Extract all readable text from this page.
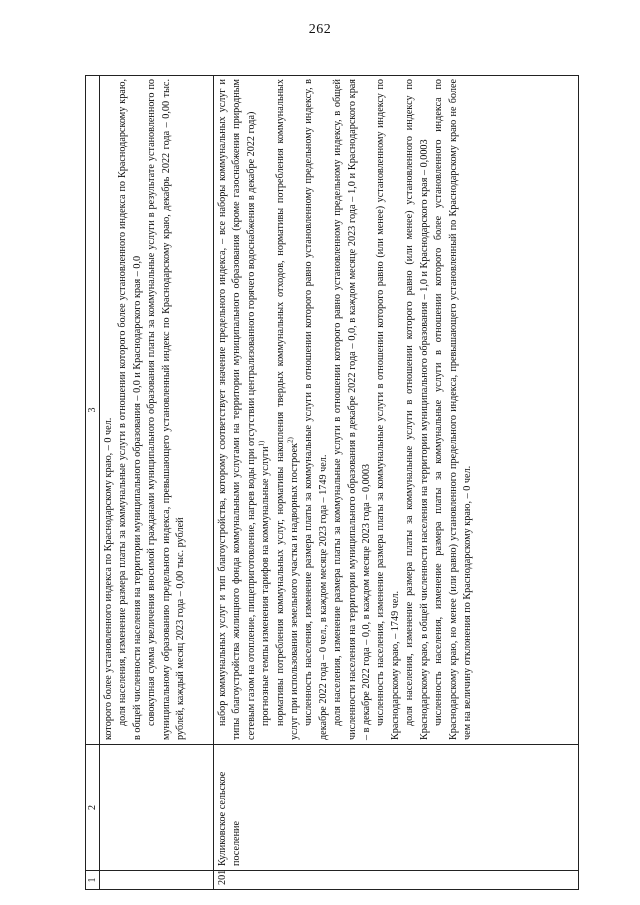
262
1
2
3

которого более установленного индекса по Краснодарскому краю, – 0 чел. доля населения, изменение размера платы за коммунальные услуги в отношении которого более установленного индекса по Краснодарскому краю, в общей численности населения на территории муниципального образования – 0,0 и Краснодарского края – 0,0 совокупная сумма увеличения вносимой гражданами муниципального образования платы за коммунальные услуги в результате установленного по муниципальному образованию предельного индекса, превышающего установленный индекс по Краснодарскому краю, декабрь 2022 года – 0,00 тыс. рублей, каждый месяц 2023 года – 0,00 тыс. рублей

201
Куликовское сельское поселение

набор коммунальных услуг и тип благоустройства, которому соответствует значение предельного индекса, – все наборы коммунальных услуг и типы благоустройства жилищного фонда коммунальными услугами на территории муниципального образования (кроме газоснабжения природным сетевым газом на отопление, пищеприготовление, нагрев воды при отсутствии централизованного горячего водоснабжения в декабре 2022 года) прогнозные темпы изменения тарифов на коммунальные услуги$^{1)}$ нормативы потребления коммунальных услуг, нормативы накопления твердых коммунальных отходов, нормативы потребления коммунальных услуг при использовании земельного участка и надворных построек$^{2)}$ численность населения, изменение размера платы за коммунальные услуги в отношении которого равно установленному предельному индексу, в декабре 2022 года – 0 чел., в каждом месяце 2023 года – 1749 чел. доля населения, изменение размера платы за коммунальные услуги в отношении которого равно установленному предельному индексу, в общей численности населения на территории муниципального образования в декабре 2022 года – 0,0, в каждом месяце 2023 года – 1,0 и Краснодарского края – в декабре 2022 года – 0,0, в каждом месяце 2023 года – 0,0003 численность населения, изменение размера платы за коммунальные услуги в отношении которого равно (или менее) установленному индексу по Краснодарскому краю, – 1749 чел. доля населения, изменение размера платы за коммунальные услуги в отношении которого равно (или менее) установленного индексу по Краснодарскому краю, в общей численности населения на территории муниципального образования – 1,0 и Краснодарского края – 0,0003 численность населения, изменение размера платы за коммунальные услуги в отношении которого более установленного индекса по Краснодарскому краю, но менее (или равно) установленного предельного индекса, превышающего установленный по Краснодарскому краю не более чем на величину отклонения по Краснодарскому краю, – 0 чел.
